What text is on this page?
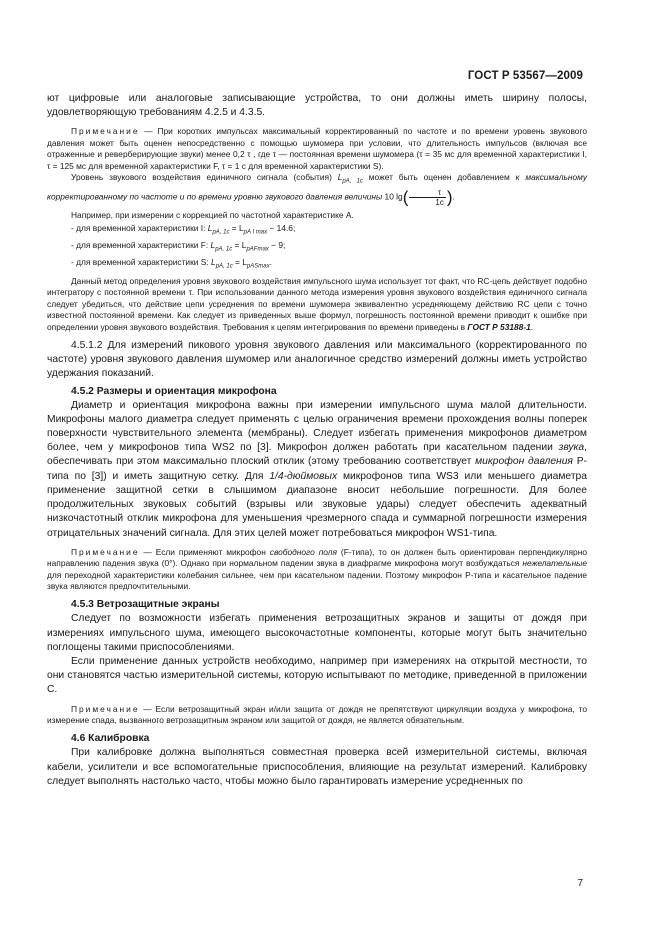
ГОСТ Р 53567—2009

ют цифровые или аналоговые записывающие устройства, то они должны иметь ширину полосы, удовлетворяющую требованиям 4.2.5 и 4.3.5.

Примечание — При коротких импульсах максимальный корректированный по частоте и по времени уровень звукового давления может быть оценен непосредственно с помощью шумомера при условии, что длительность импульсов (включая все отраженные и реверберирующие звуки) менее 0,2 τ , где τ — постоянная времени шумомера (τ = 35 мс для временной характеристики I, τ = 125 мс для временной характеристики F, τ = 1 с для временной характеристики S).

Уровень звукового воздействия единичного сигнала (события) $L_{pA, 1c}$ может быть оценен добавлением к максимальному корректированному по частоте и по времени уровню звукового давления величины 10 $\lg( \frac{\tau}{1c}$ ).

Например, при измерении с коррекцией по частотной характеристике A.

- для временной характеристики I: $L_{pA, 1c} = L_{pA I max} - 14.6$;

- для временной характеристики F: $L_{pA, 1c} = L_{pAFmax} - 9$;

- для временной характеристики S: $L_{pA, 1c} = L_{pASmax}$.

Данный метод определения уровня звукового воздействия импульсного шума использует тот факт, что RC-цепь действует подобно интегратору с постоянной времени τ. При использовании данного метода измерения уровня звукового воздействия единичного сигнала следует убедиться, что действие цепи усреднения по времени шумомера эквивалентно усредняющему действию RC цепи с точно известной постоянной времени. Как следует из приведенных выше формул, погрешность постоянной времени приводит к ошибке при определении уровня звукового воздействия. Требования к цепям интегрирования по времени приведены в ГОСТ Р 53188-1.

4.5.1.2 Для измерений пикового уровня звукового давления или максимального (корректированного по частоте) уровня звукового давления шумомер или аналогичное средство измерений должны иметь устройство удержания показаний.

4.5.2 Размеры и ориентация микрофона

Диаметр и ориентация микрофона важны при измерении импульсного шума малой длительности. Микрофоны малого диаметра следует применять с целью ограничения времени прохождения волны поперек поверхности чувствительного элемента (мембраны). Следует избегать применения микрофонов диаметром более, чем у микрофонов типа WS2 по [3]. Микрофон должен работать при касательном падении звука, обеспечивать при этом максимально плоский отклик (этому требованию соответствует микрофон давления Р-типа по [3]) и иметь защитную сетку. Для 1/4-дюймовых микрофонов типа WS3 или меньшего диаметра применение защитной сетки в слышимом диапазоне вносит небольшие погрешности. Для более продолжительных звуковых событий (взрывы или звуковые удары) следует обеспечить адекватный низкочастотный отклик микрофона для уменьшения чрезмерного спада и суммарной погрешности измерения отрицательных значений сигнала. Для этих целей может потребоваться микрофон WS1-типа.

Примечание — Если применяют микрофон свободного поля (F-типа), то он должен быть ориентирован перпендикулярно направлению падения звука (0°). Однако при нормальном падении звука в диафрагме микрофона могут возбуждаться нежелательные для переходной характеристики колебания сильнее, чем при касательном падении. Поэтому микрофон Р-типа и касательное падение звука являются предпочтительными.

4.5.3 Ветрозащитные экраны

Следует по возможности избегать применения ветрозащитных экранов и защиты от дождя при измерениях импульсного шума, имеющего высокочастотные компоненты, которые могут быть значительно поглощены такими приспособлениями.

Если применение данных устройств необходимо, например при измерениях на открытой местности, то они становятся частью измерительной системы, которую испытывают по методике, приведенной в приложении С.

Примечание — Если ветрозащитный экран и/или защита от дождя не препятствуют циркуляции воздуха у микрофона, то измерение спада, вызванного ветрозащитным экраном или защитой от дождя, не является обязательным.

4.6 Калибровка

При калибровке должна выполняться совместная проверка всей измерительной системы, включая кабели, усилители и все вспомогательные приспособления, влияющие на результат измерений. Калибровку следует выполнять настолько часто, чтобы можно было гарантировать измерение усредненных по

7
